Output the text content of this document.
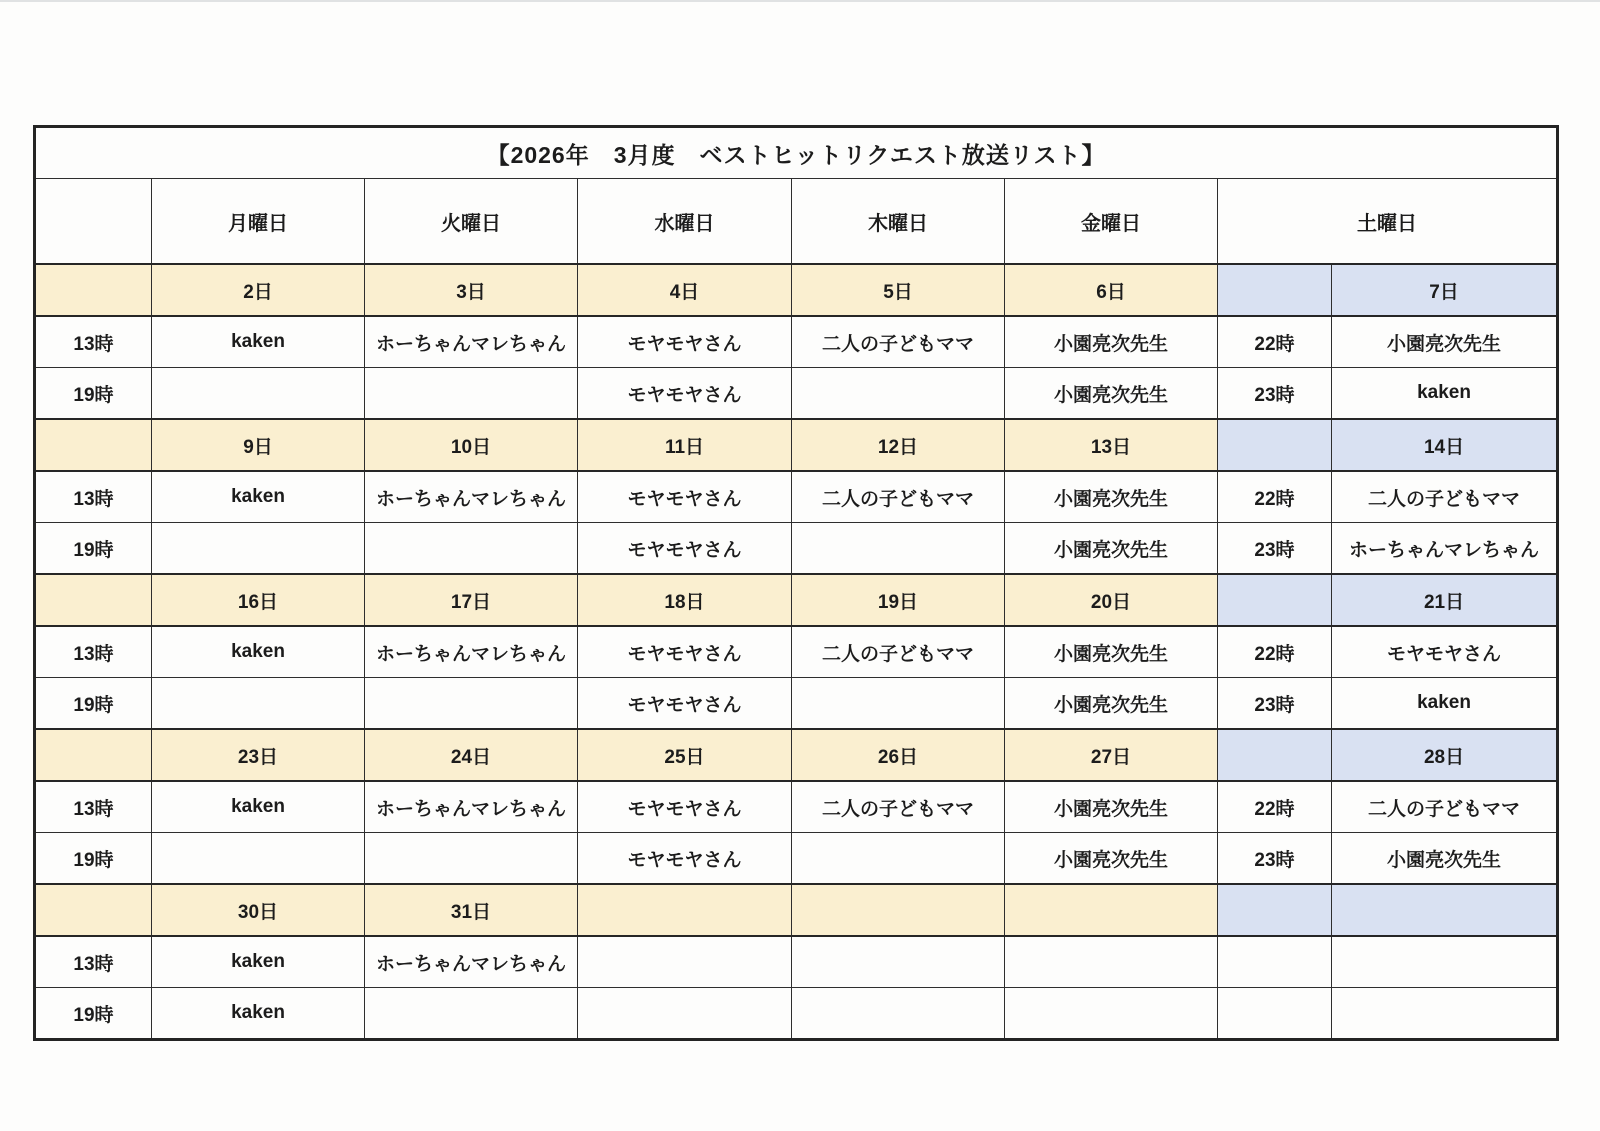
【2026年　3月度　ベストヒットリクエスト放送リスト】							
	月曜日	火曜日	水曜日	木曜日	金曜日	土曜日	
	2日	3日	4日	5日	6日		7日
13時	kaken	ホーちゃんマレちゃん	モヤモヤさん	二人の子どもママ	小園亮次先生	22時	小園亮次先生
19時			モヤモヤさん		小園亮次先生	23時	kaken
	9日	10日	11日	12日	13日		14日
13時	kaken	ホーちゃんマレちゃん	モヤモヤさん	二人の子どもママ	小園亮次先生	22時	二人の子どもママ
19時			モヤモヤさん		小園亮次先生	23時	ホーちゃんマレちゃん
	16日	17日	18日	19日	20日		21日
13時	kaken	ホーちゃんマレちゃん	モヤモヤさん	二人の子どもママ	小園亮次先生	22時	モヤモヤさん
19時			モヤモヤさん		小園亮次先生	23時	kaken
	23日	24日	25日	26日	27日		28日
13時	kaken	ホーちゃんマレちゃん	モヤモヤさん	二人の子どもママ	小園亮次先生	22時	二人の子どもママ
19時			モヤモヤさん		小園亮次先生	23時	小園亮次先生
	30日	31日					
13時	kaken	ホーちゃんマレちゃん					
19時	kaken						
